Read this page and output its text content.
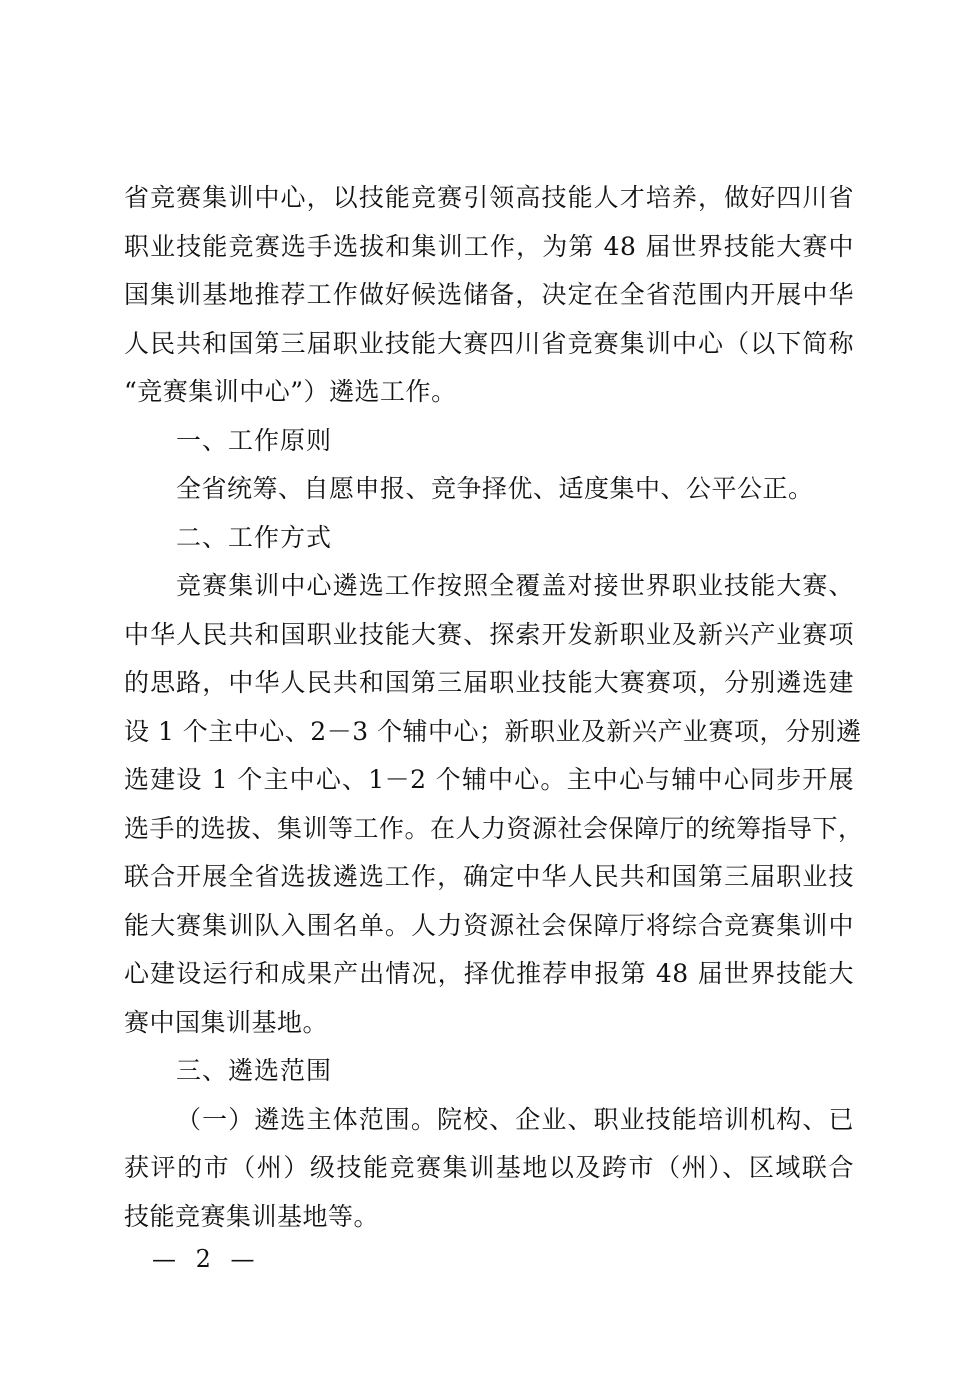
省竞赛集训中心，以技能竞赛引领高技能人才培养，做好四川省
职业技能竞赛选手选拔和集训工作，为第 48 届世界技能大赛中
国集训基地推荐工作做好候选储备，决定在全省范围内开展中华
人民共和国第三届职业技能大赛四川省竞赛集训中心（以下简称
“竞赛集训中心”）遴选工作。
一、工作原则
全省统筹、自愿申报、竞争择优、适度集中、公平公正。
二、工作方式
竞赛集训中心遴选工作按照全覆盖对接世界职业技能大赛、
中华人民共和国职业技能大赛、探索开发新职业及新兴产业赛项
的思路，中华人民共和国第三届职业技能大赛赛项，分别遴选建
设 1 个主中心、2－3 个辅中心；新职业及新兴产业赛项，分别遴
选建设 1 个主中心、1－2 个辅中心。主中心与辅中心同步开展
选手的选拔、集训等工作。在人力资源社会保障厅的统筹指导下，
联合开展全省选拔遴选工作，确定中华人民共和国第三届职业技
能大赛集训队入围名单。人力资源社会保障厅将综合竞赛集训中
心建设运行和成果产出情况，择优推荐申报第 48 届世界技能大
赛中国集训基地。
三、遴选范围
（一）遴选主体范围。院校、企业、职业技能培训机构、已
获评的市（州）级技能竞赛集训基地以及跨市（州）、区域联合
技能竞赛集训基地等。
— 2 —
